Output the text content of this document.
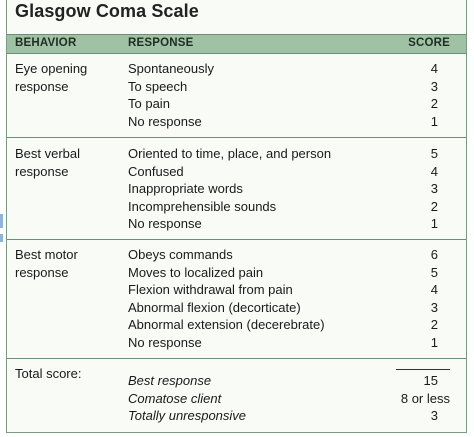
Glasgow Coma Scale
BEHAVIOR	RESPONSE	SCORE
Eye opening response
Spontaneously	4
To speech	3
To pain	2
No response	1
Best verbal response
Oriented to time, place, and person	5
Confused	4
Inappropriate words	3
Incomprehensible sounds	2
No response	1
Best motor response
Obeys commands	6
Moves to localized pain	5
Flexion withdrawal from pain	4
Abnormal flexion (decorticate)	3
Abnormal extension (decerebrate)	2
No response	1
Total score:	Best response	15
Comatose client	8 or less
Totally unresponsive	3
